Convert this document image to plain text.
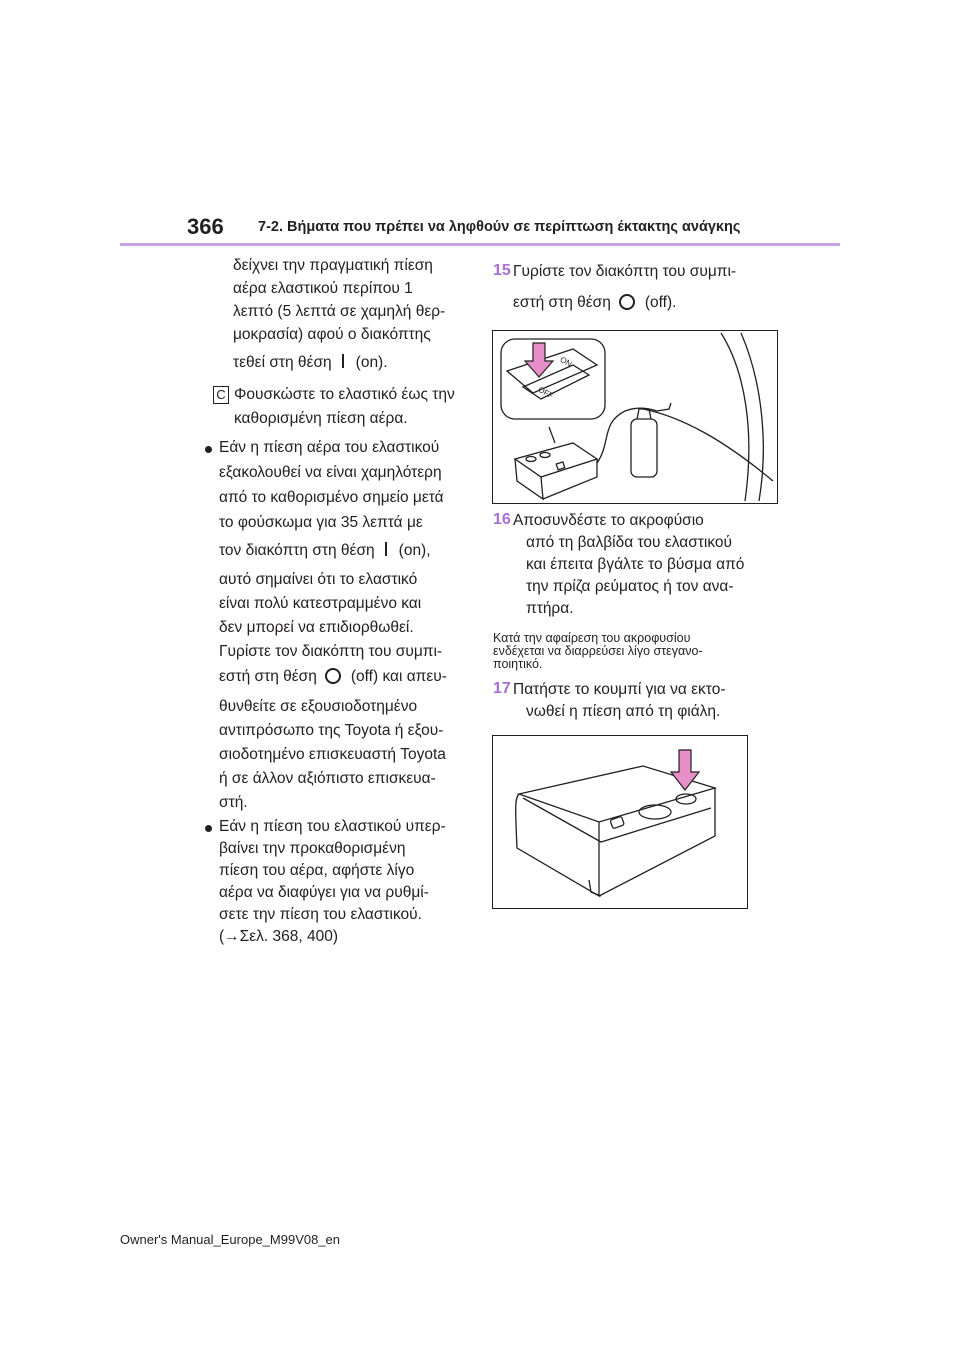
366 7-2. Βήματα που πρέπει να ληφθούν σε περίπτωση έκτακτης ανάγκης
δείχνει την πραγματική πίεση
αέρα ελαστικού περίπου 1
λεπτό (5 λεπτά σε χαμηλή θερ-
μοκρασία) αφού ο διακόπτης
τεθεί στη θέση (on).
C Φουσκώστε το ελαστικό έως την
καθορισμένη πίεση αέρα.
Εάν η πίεση αέρα του ελαστικού
εξακολουθεί να είναι χαμηλότερη
από το καθορισμένο σημείο μετά
το φούσκωμα για 35 λεπτά με
τον διακόπτη στη θέση (on),
αυτό σημαίνει ότι το ελαστικό
είναι πολύ κατεστραμμένο και
δεν μπορεί να επιδιορθωθεί.
Γυρίστε τον διακόπτη του συμπι-
εστή στη θέση (off) και απευ-
θυνθείτε σε εξουσιοδοτημένο
αντιπρόσωπο της Toyota ή εξου-
σιοδοτημένο επισκευαστή Toyota
ή σε άλλον αξιόπιστο επισκευα-
στή.
Εάν η πίεση του ελαστικού υπερ-
βαίνει την προκαθορισμένη
πίεση του αέρα, αφήστε λίγο
αέρα να διαφύγει για να ρυθμί-
σετε την πίεση του ελαστικού.
(→Σελ. 368, 400)
15 Γυρίστε τον διακόπτη του συμπι-
εστή στη θέση (off).
ON
OFF
16 Αποσυνδέστε το ακροφύσιο
από τη βαλβίδα του ελαστικού
και έπειτα βγάλτε το βύσμα από
την πρίζα ρεύματος ή τον ανα-
πτήρα.
Κατά την αφαίρεση του ακροφυσίου
ενδέχεται να διαρρεύσει λίγο στεγανο-
ποιητικό.
17 Πατήστε το κουμπί για να εκτο-
νωθεί η πίεση από τη φιάλη.
Owner's Manual_Europe_M99V08_en
